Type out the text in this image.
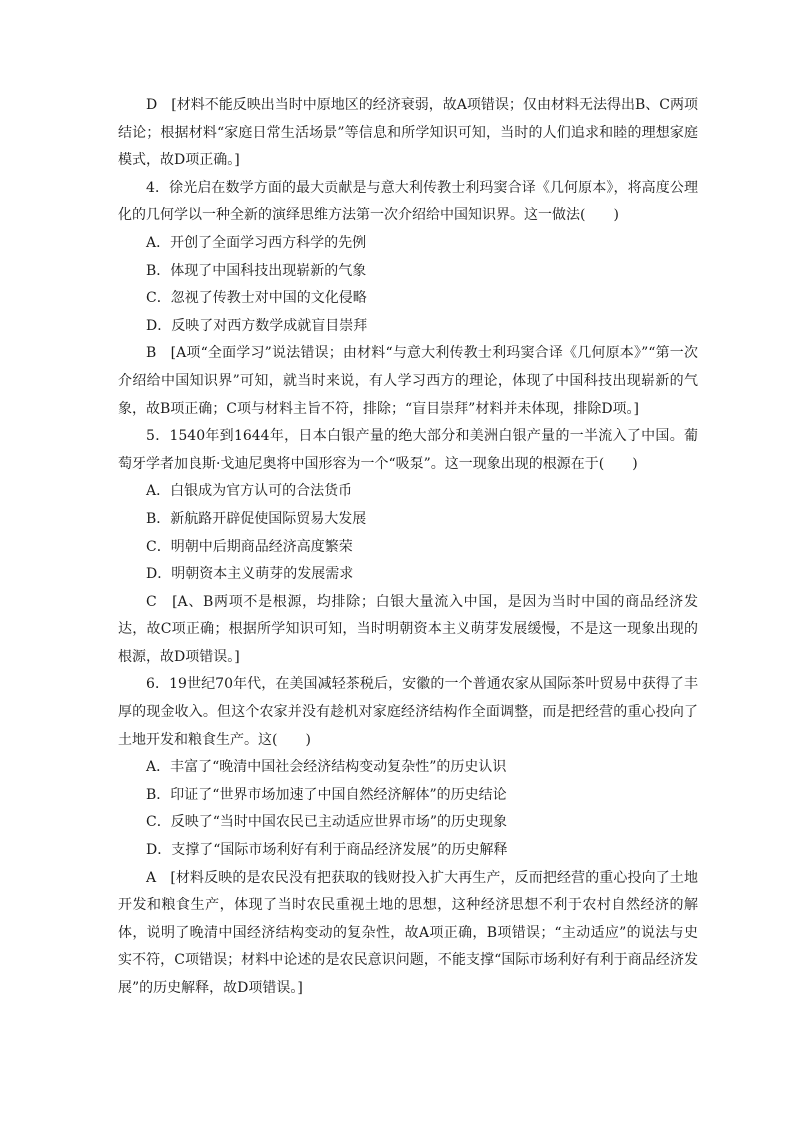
D　[材料不能反映出当时中原地区的经济衰弱，故A项错误；仅由材料无法得出B、C两项结论；根据材料“家庭日常生活场景”等信息和所学知识可知，当时的人们追求和睦的理想家庭模式，故D项正确。]

4．徐光启在数学方面的最大贡献是与意大利传教士利玛窦合译《几何原本》，将高度公理化的几何学以一种全新的演绎思维方法第一次介绍给中国知识界。这一做法(　　)

A．开创了全面学习西方科学的先例

B．体现了中国科技出现崭新的气象

C．忽视了传教士对中国的文化侵略

D．反映了对西方数学成就盲目崇拜

B　[A项“全面学习”说法错误；由材料“与意大利传教士利玛窦合译《几何原本》”“第一次介绍给中国知识界”可知，就当时来说，有人学习西方的理论，体现了中国科技出现崭新的气象，故B项正确；C项与材料主旨不符，排除；“盲目崇拜”材料并未体现，排除D项。]

5．1540年到1644年，日本白银产量的绝大部分和美洲白银产量的一半流入了中国。葡萄牙学者加良斯·戈迪尼奥将中国形容为一个“吸泵”。这一现象出现的根源在于(　　)

A．白银成为官方认可的合法货币

B．新航路开辟促使国际贸易大发展

C．明朝中后期商品经济高度繁荣

D．明朝资本主义萌芽的发展需求

C　[A、B两项不是根源，均排除；白银大量流入中国，是因为当时中国的商品经济发达，故C项正确；根据所学知识可知，当时明朝资本主义萌芽发展缓慢，不是这一现象出现的根源，故D项错误。]

6．19世纪70年代，在美国减轻茶税后，安徽的一个普通农家从国际茶叶贸易中获得了丰厚的现金收入。但这个农家并没有趁机对家庭经济结构作全面调整，而是把经营的重心投向了土地开发和粮食生产。这(　　)

A．丰富了“晚清中国社会经济结构变动复杂性”的历史认识

B．印证了“世界市场加速了中国自然经济解体”的历史结论

C．反映了“当时中国农民已主动适应世界市场”的历史现象

D．支撑了“国际市场利好有利于商品经济发展”的历史解释

A　[材料反映的是农民没有把获取的钱财投入扩大再生产，反而把经营的重心投向了土地开发和粮食生产，体现了当时农民重视土地的思想，这种经济思想不利于农村自然经济的解体，说明了晚清中国经济结构变动的复杂性，故A项正确，B项错误；“主动适应”的说法与史实不符，C项错误；材料中论述的是农民意识问题，不能支撑“国际市场利好有利于商品经济发展”的历史解释，故D项错误。]
